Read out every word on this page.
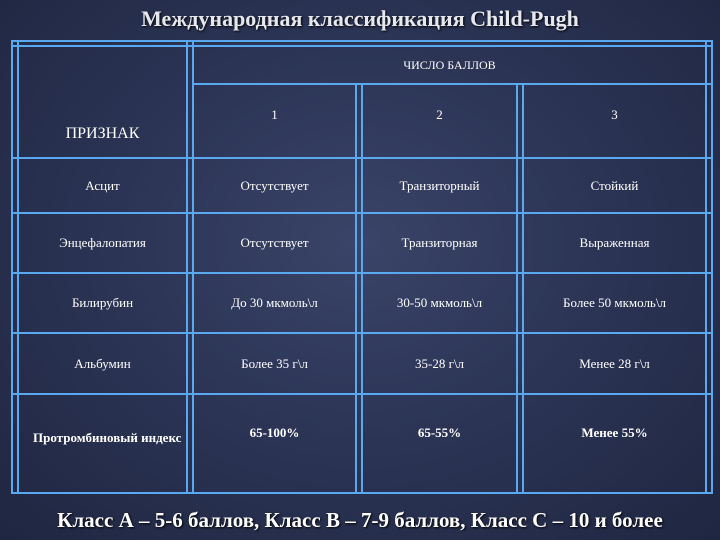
Международная классификация Child-Pugh
ЧИСЛО БАЛЛОВ
ПРИЗНАК
1	2	3
Асцит	Отсутствует	Транзиторный	Стойкий
Энцефалопатия	Отсутствует	Транзиторная	Выраженная
Билирубин	До 30 мкмоль\л	30-50 мкмоль\л	Более 50 мкмоль\л
Альбумин	Более 35 г\л	35-28 г\л	Менее 28 г\л
Протромбиновый индекс	65-100%	65-55%	Менее 55%
Класс А – 5-6 баллов, Класс В – 7-9 баллов, Класс С – 10 и более
